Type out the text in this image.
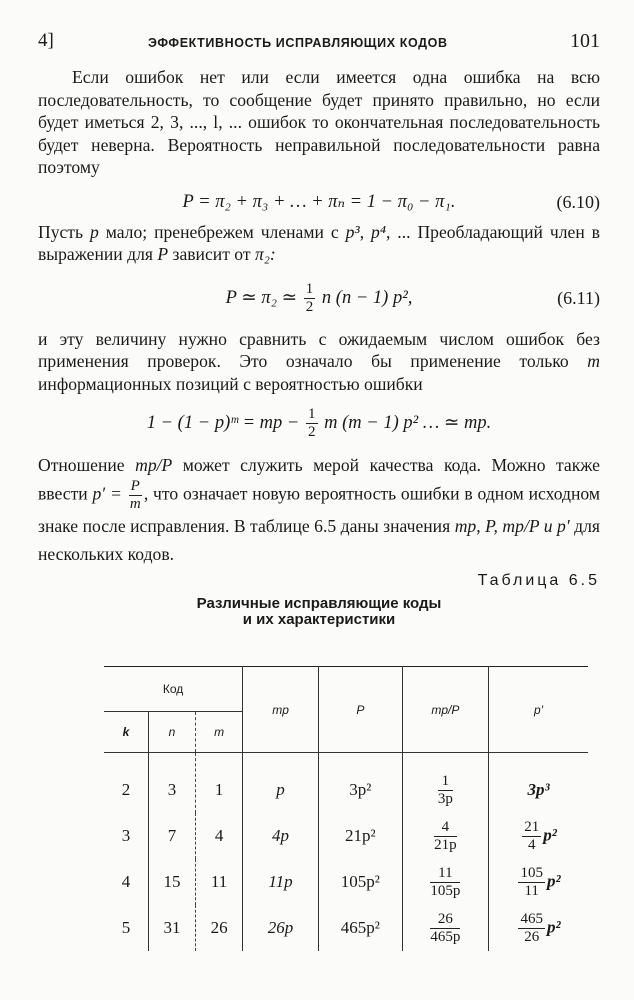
4]	ЭФФЕКТИВНОСТЬ ИСПРАВЛЯЮЩИХ КОДОВ	101

Если ошибок нет или если имеется одна ошибка на всю последовательность, то сообщение будет принято правильно, но если будет иметься 2, 3, ..., l, ... ошибок то окончательная последовательность будет неверна. Вероятность неправильной последовательности равна поэтому

P = π₂ + π₃ + … + πₙ = 1 − π₀ − π₁.	(6.10)

Пусть p мало; пренебрежем членами с p³, p⁴, ... Преобладающий член в выражении для P зависит от π₂:

P ≃ π₂ ≃ $\frac{1}{2}$ n (n − 1) p²,	(6.11)

и эту величину нужно сравнить с ожидаемым числом ошибок без применения проверок. Это означало бы применение только m информационных позиций с вероятностью ошибки

1 − (1 − p)ᵐ = mp − $\frac{1}{2}$ m (m − 1) p² … ≃ mp.

Отношение mp/P может служить мерой качества кода. Можно также ввести $p' = \frac{P}{m}$ , что означает новую вероятность ошибки в одном исходном знаке после исправления. В таблице 6.5 даны значения mp, P, mp/P и p′ для нескольких кодов.

Таблица 6.5
Различные исправляющие коды
и их характеристики
Код			mp	P	mp/P	p′
k	n	m				
2	3	1	p	3p²	$\frac{1}{3p}$	3p³
3	7	4	4p	21p²	$\frac{4}{21p}$	$\frac{21}{4} p^2$
4	15	11	11p	105p²	$\frac{11}{105p}$	$\frac{105}{11} p^2$
5	31	26	26p	465p²	$\frac{26}{465p}$	$\frac{465}{26} p^2$
